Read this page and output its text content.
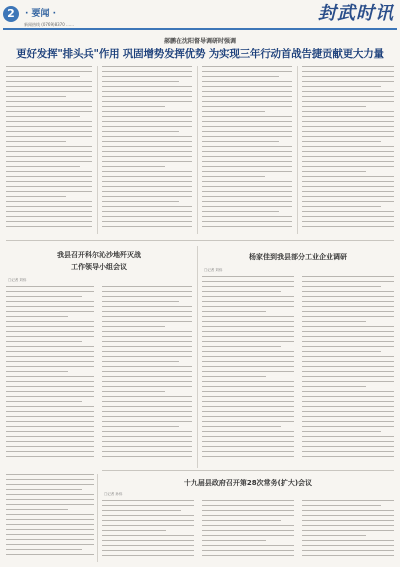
2	· 要闻 ·
新闻热线 (0769)8370 ……
封武时讯
郝鹏在沈阳督导调研时强调
更好发挥"排头兵"作用 巩固增势发挥优势 为实现三年行动首战告捷贡献更大力量
我县召开科尔沁沙地歼灭战
工作领导小组会议
□记者 刘伟
杨家佳到我县部分工业企业调研
□记者 刘伟
十九届县政府召开第28次常务(扩大)会议
□记者 孙伟
